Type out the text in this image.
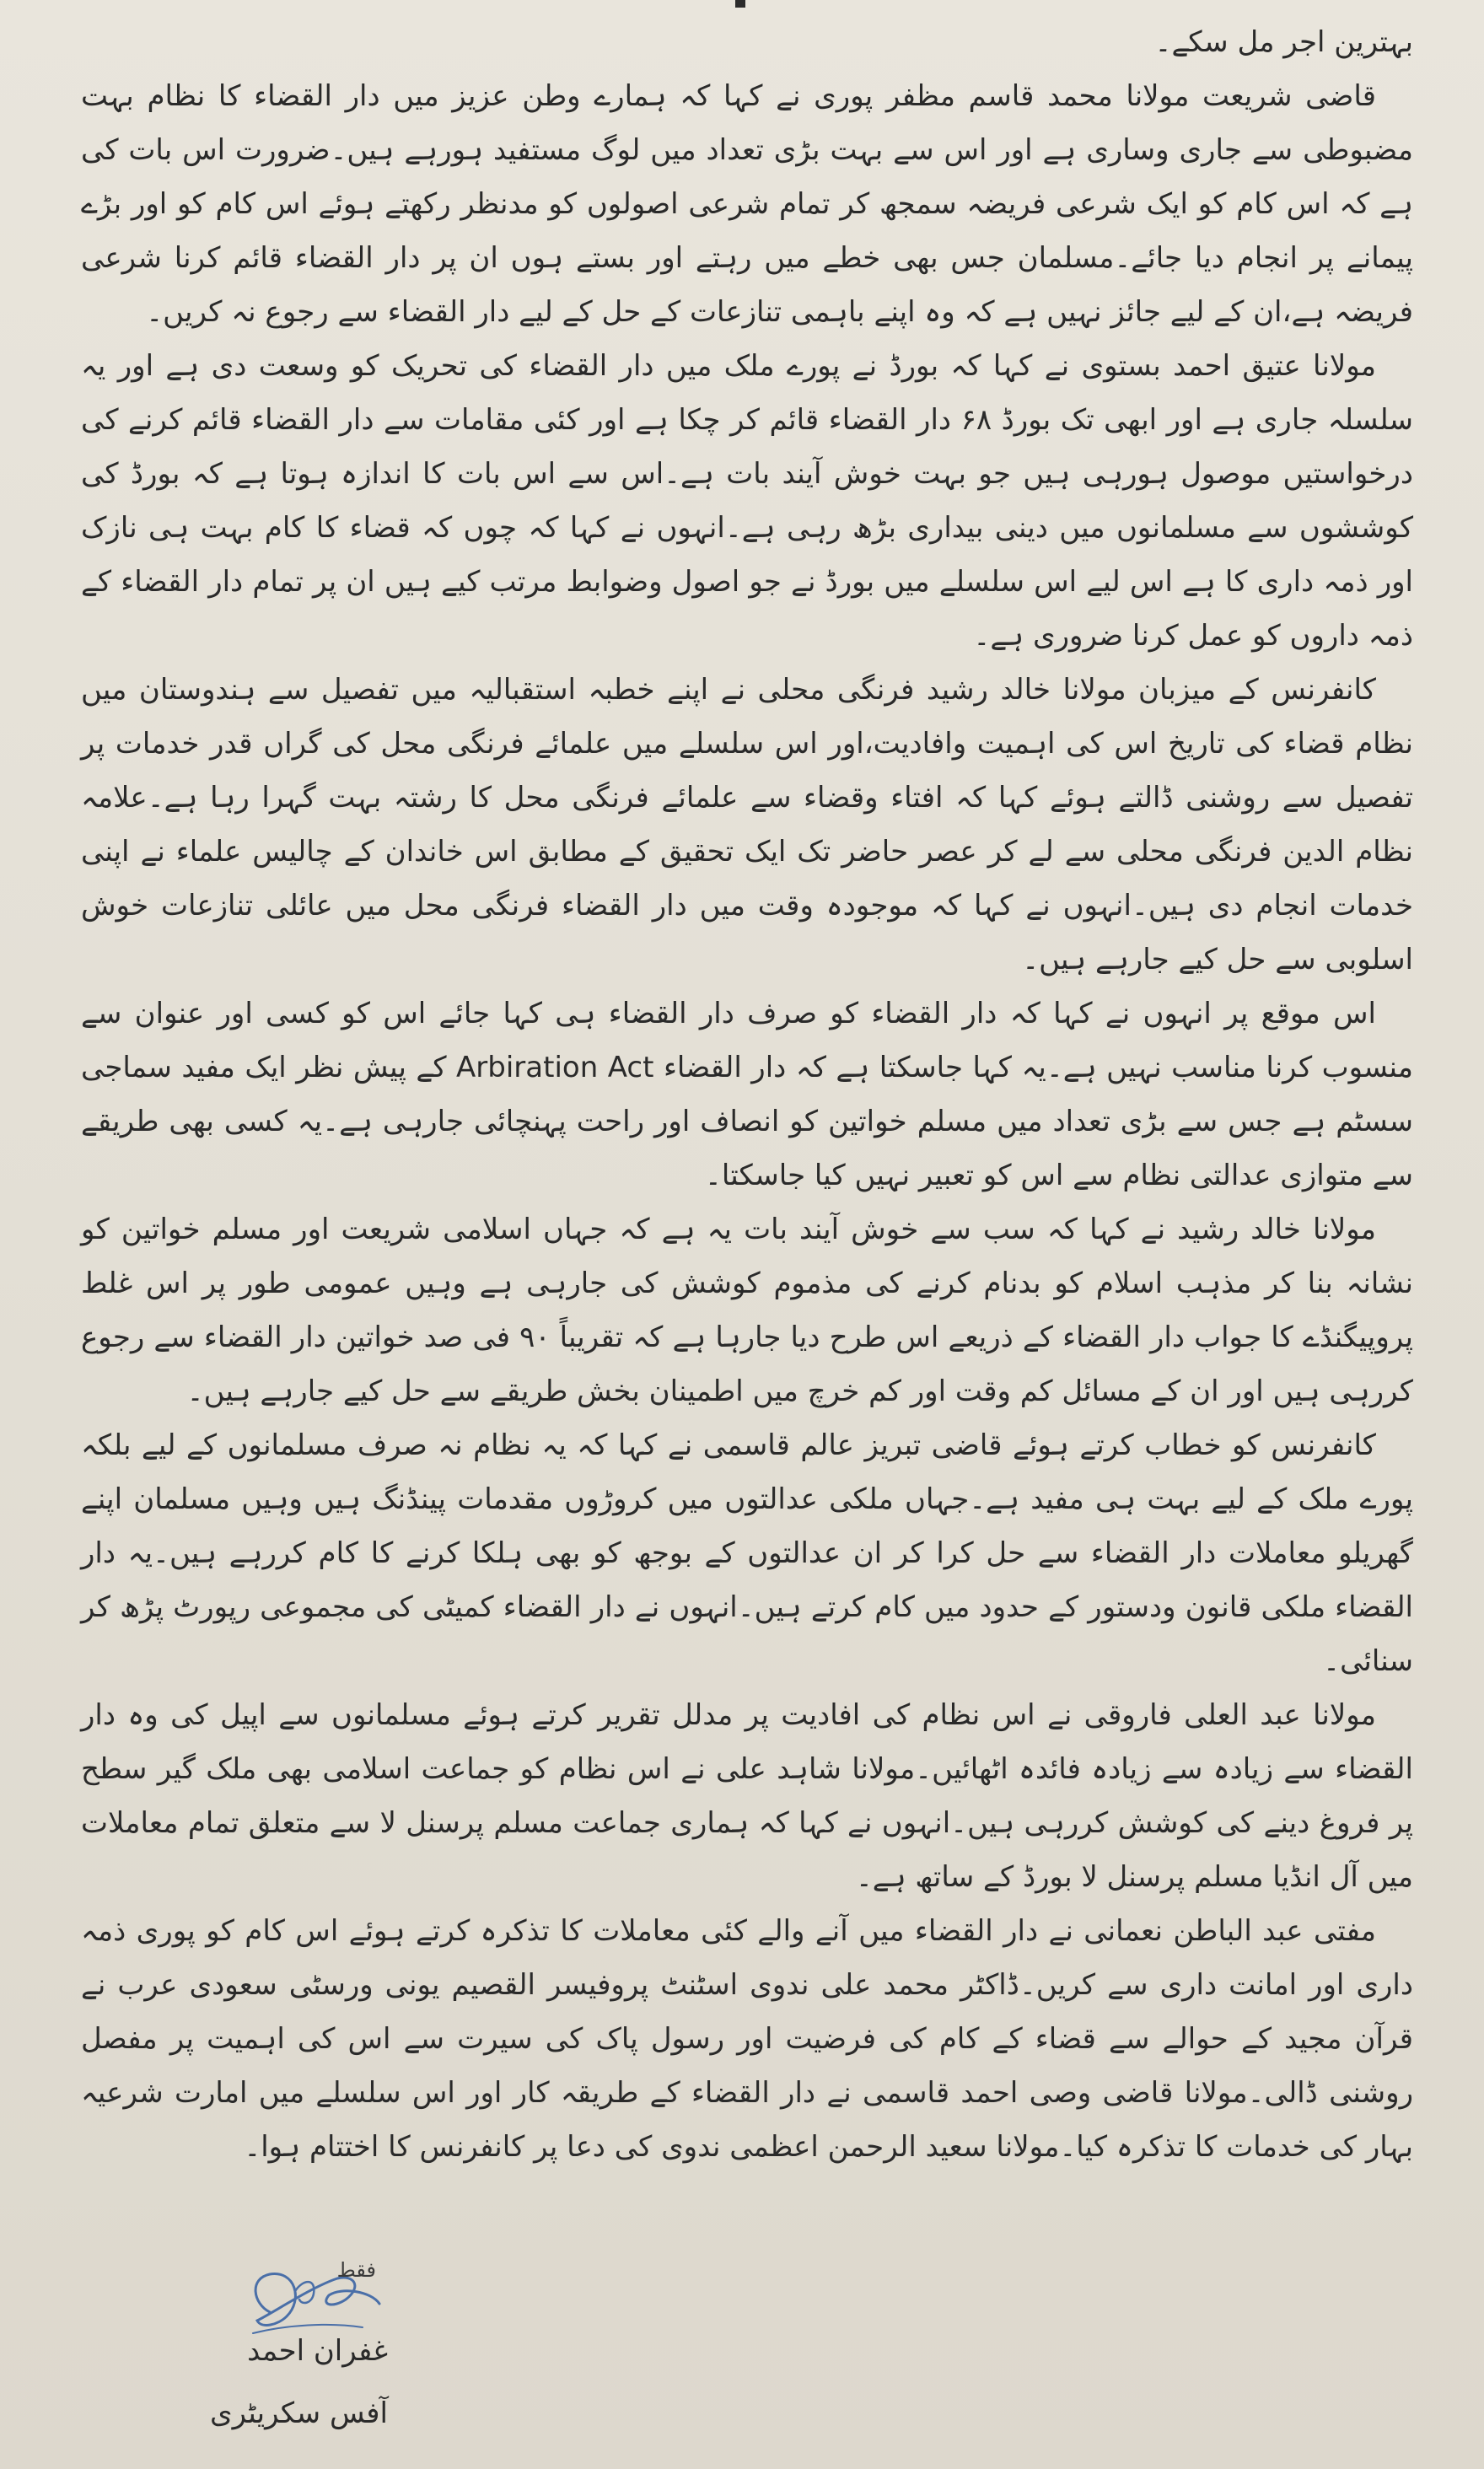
بہترین اجر مل سکے۔

قاضی شریعت مولانا محمد قاسم مظفر پوری نے کہا کہ ہمارے وطن عزیز میں دار القضاء کا نظام بہت مضبوطی سے جاری وساری ہے اور اس سے بہت بڑی تعداد میں لوگ مستفید ہورہے ہیں۔ضرورت اس بات کی ہے کہ اس کام کو ایک شرعی فریضہ سمجھ کر تمام شرعی اصولوں کو مدنظر رکھتے ہوئے اس کام کو اور بڑے پیمانے پر انجام دیا جائے۔مسلمان جس بھی خطے میں رہتے اور بستے ہوں ان پر دار القضاء قائم کرنا شرعی فریضہ ہے،ان کے لیے جائز نہیں ہے کہ وہ اپنے باہمی تنازعات کے حل کے لیے دار القضاء سے رجوع نہ کریں۔

مولانا عتیق احمد بستوی نے کہا کہ بورڈ نے پورے ملک میں دار القضاء کی تحریک کو وسعت دی ہے اور یہ سلسلہ جاری ہے اور ابھی تک بورڈ ۶۸ دار القضاء قائم کر چکا ہے اور کئی مقامات سے دار القضاء قائم کرنے کی درخواستیں موصول ہورہی ہیں جو بہت خوش آیند بات ہے۔اس سے اس بات کا اندازہ ہوتا ہے کہ بورڈ کی کوششوں سے مسلمانوں میں دینی بیداری بڑھ رہی ہے۔انہوں نے کہا کہ چوں کہ قضاء کا کام بہت ہی نازک اور ذمہ داری کا ہے اس لیے اس سلسلے میں بورڈ نے جو اصول وضوابط مرتب کیے ہیں ان پر تمام دار القضاء کے ذمہ داروں کو عمل کرنا ضروری ہے۔

کانفرنس کے میزبان مولانا خالد رشید فرنگی محلی نے اپنے خطبہ استقبالیہ میں تفصیل سے ہندوستان میں نظام قضاء کی تاریخ اس کی اہمیت وافادیت،اور اس سلسلے میں علمائے فرنگی محل کی گراں قدر خدمات پر تفصیل سے روشنی ڈالتے ہوئے کہا کہ افتاء وقضاء سے علمائے فرنگی محل کا رشتہ بہت گہرا رہا ہے۔علامہ نظام الدین فرنگی محلی سے لے کر عصر حاضر تک ایک تحقیق کے مطابق اس خاندان کے چالیس علماء نے اپنی خدمات انجام دی ہیں۔انہوں نے کہا کہ موجودہ وقت میں دار القضاء فرنگی محل میں عائلی تنازعات خوش اسلوبی سے حل کیے جارہے ہیں۔

اس موقع پر انہوں نے کہا کہ دار القضاء کو صرف دار القضاء ہی کہا جائے اس کو کسی اور عنوان سے منسوب کرنا مناسب نہیں ہے۔یہ کہا جاسکتا ہے کہ دار القضاء Arbiration Act کے پیش نظر ایک مفید سماجی سسٹم ہے جس سے بڑی تعداد میں مسلم خواتین کو انصاف اور راحت پہنچائی جارہی ہے۔یہ کسی بھی طریقے سے متوازی عدالتی نظام سے اس کو تعبیر نہیں کیا جاسکتا۔

مولانا خالد رشید نے کہا کہ سب سے خوش آیند بات یہ ہے کہ جہاں اسلامی شریعت اور مسلم خواتین کو نشانہ بنا کر مذہب اسلام کو بدنام کرنے کی مذموم کوشش کی جارہی ہے وہیں عمومی طور پر اس غلط پروپیگنڈے کا جواب دار القضاء کے ذریعے اس طرح دیا جارہا ہے کہ تقریباً ۹۰ فی صد خواتین دار القضاء سے رجوع کررہی ہیں اور ان کے مسائل کم وقت اور کم خرچ میں اطمینان بخش طریقے سے حل کیے جارہے ہیں۔

کانفرنس کو خطاب کرتے ہوئے قاضی تبریز عالم قاسمی نے کہا کہ یہ نظام نہ صرف مسلمانوں کے لیے بلکہ پورے ملک کے لیے بہت ہی مفید ہے۔جہاں ملکی عدالتوں میں کروڑوں مقدمات پینڈنگ ہیں وہیں مسلمان اپنے گھریلو معاملات دار القضاء سے حل کرا کر ان عدالتوں کے بوجھ کو بھی ہلکا کرنے کا کام کررہے ہیں۔یہ دار القضاء ملکی قانون ودستور کے حدود میں کام کرتے ہیں۔انہوں نے دار القضاء کمیٹی کی مجموعی رپورٹ پڑھ کر سنائی۔

مولانا عبد العلی فاروقی نے اس نظام کی افادیت پر مدلل تقریر کرتے ہوئے مسلمانوں سے اپیل کی وہ دار القضاء سے زیادہ سے زیادہ فائدہ اٹھائیں۔مولانا شاہد علی نے اس نظام کو جماعت اسلامی بھی ملک گیر سطح پر فروغ دینے کی کوشش کررہی ہیں۔انہوں نے کہا کہ ہماری جماعت مسلم پرسنل لا سے متعلق تمام معاملات میں آل انڈیا مسلم پرسنل لا بورڈ کے ساتھ ہے۔

مفتی عبد الباطن نعمانی نے دار القضاء میں آنے والے کئی معاملات کا تذکرہ کرتے ہوئے اس کام کو پوری ذمہ داری اور امانت داری سے کریں۔ڈاکٹر محمد علی ندوی اسٹنٹ پروفیسر القصیم یونی ورسٹی سعودی عرب نے قرآن مجید کے حوالے سے قضاء کے کام کی فرضیت اور رسول پاک کی سیرت سے اس کی اہمیت پر مفصل روشنی ڈالی۔مولانا قاضی وصی احمد قاسمی نے دار القضاء کے طریقہ کار اور اس سلسلے میں امارت شرعیہ بہار کی خدمات کا تذکرہ کیا۔مولانا سعید الرحمن اعظمی ندوی کی دعا پر کانفرنس کا اختتام ہوا۔

فقط
غفران احمد
آفس سکریٹری
